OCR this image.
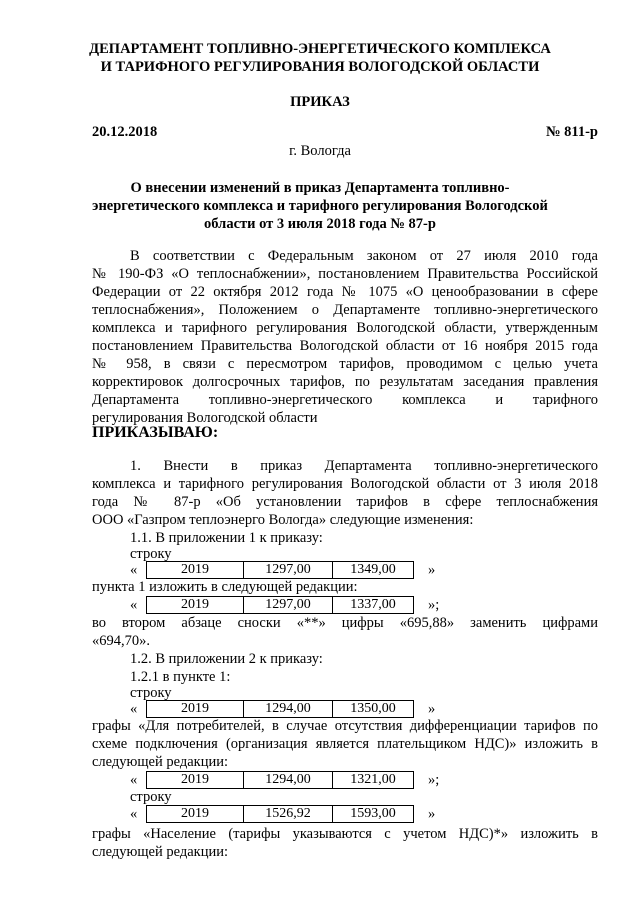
ДЕПАРТАМЕНТ ТОПЛИВНО-ЭНЕРГЕТИЧЕСКОГО КОМПЛЕКСА
И ТАРИФНОГО РЕГУЛИРОВАНИЯ ВОЛОГОДСКОЙ ОБЛАСТИ
ПРИКАЗ
20.12.2018	№ 811-р
г. Вологда
О внесении изменений в приказ Департамента топливно-
энергетического комплекса и тарифного регулирования Вологодской
области от 3 июля 2018 года № 87-р
В соответствии с Федеральным законом от 27 июля 2010 года
№ 190-ФЗ «О теплоснабжении», постановлением Правительства Российской
Федерации от 22 октября 2012 года № 1075 «О ценообразовании в сфере
теплоснабжения», Положением о Департаменте топливно-энергетического
комплекса и тарифного регулирования Вологодской области, утвержденным
постановлением Правительства Вологодской области от 16 ноября 2015 года
№ 958, в связи с пересмотром тарифов, проводимом с целью учета
корректировок долгосрочных тарифов, по результатам заседания правления
Департамента топливно-энергетического комплекса и тарифного
регулирования Вологодской области
ПРИКАЗЫВАЮ:
1. Внести в приказ Департамента топливно-энергетического
комплекса и тарифного регулирования Вологодской области от 3 июля 2018
года № 87-р «Об установлении тарифов в сфере теплоснабжения
ООО «Газпром теплоэнерго Вологда» следующие изменения:
1.1. В приложении 1 к приказу:
строку
«	2019	1297,00	1349,00 »
пункта 1 изложить в следующей редакции:
«	2019	1297,00	1337,00 »;
во втором абзаце сноски «**» цифры «695,88» заменить цифрами
«694,70».
1.2. В приложении 2 к приказу:
1.2.1 в пункте 1:
строку
«	2019	1294,00	1350,00 »
графы «Для потребителей, в случае отсутствия дифференциации тарифов по
схеме подключения (организация является плательщиком НДС)» изложить в
следующей редакции:
«	2019	1294,00	1321,00 »;
строку
«	2019	1526,92	1593,00 »
графы «Население (тарифы указываются с учетом НДС)*» изложить в
следующей редакции:
